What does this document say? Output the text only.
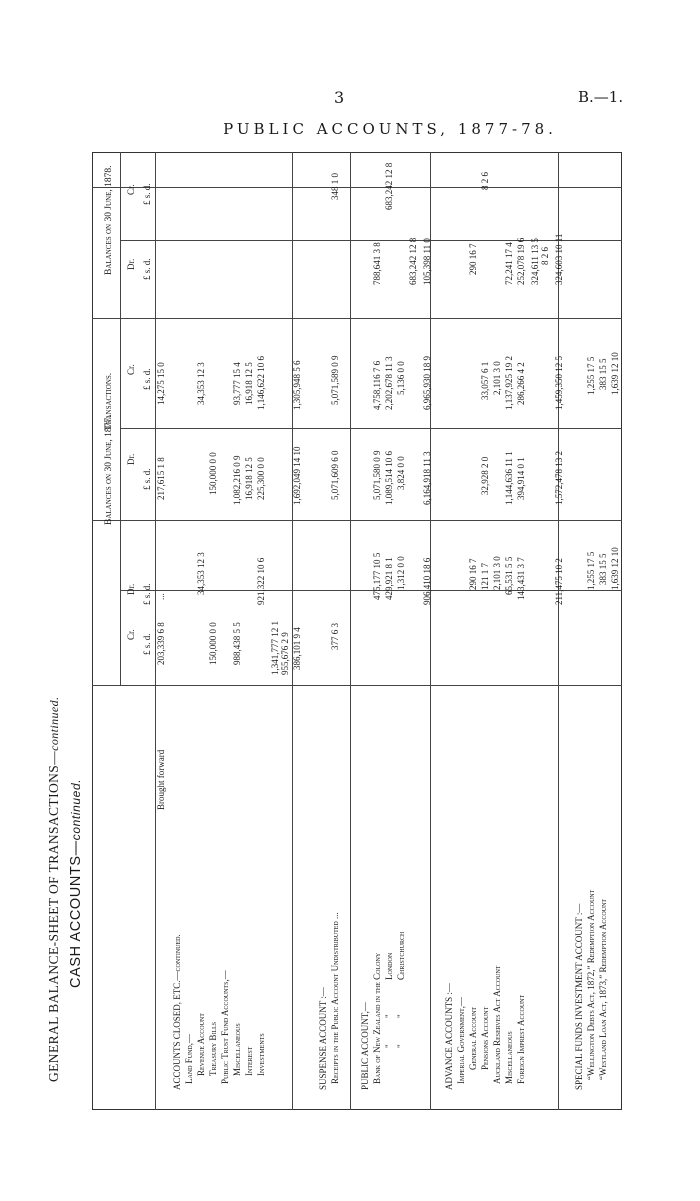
3	B.—1.
PUBLIC ACCOUNTS, 1877-78.
GENERAL BALANCE-SHEET OF TRANSACTIONS—continued.
CASH ACCOUNTS—continued.
Balances on 30 June, 1877.
Transactions.
Balances on 30 June, 1878.
Dr.
Cr.
Dr.
Cr.
Dr.
Cr.
£ s. d.
£ s. d.
£ s. d.
£ s. d.
£ s. d.
£ s. d.
Brought forward
...
203,339 6 8
217,615 1 8
14,275 15 0
ACCOUNTS CLOSED, ETC.—continued. Land Fund,— Revenue Account
34,353 12 3
34,353 12 3
Treasury Bills
150,000 0 0
150,000 0 0
Public Trust Fund Accounts,— Miscellaneous
988,438 5 5
1,082,216 0 9
93,777 15 4
Interest
16,918 12 5
16,918 12 5
Investments
921,322 10 6
225,300 0 0
1,146,622 10 6
1,341,777 12 1 955,676 2 9 386,101 9 4
1,692,049 14 10
1,305,948 5 6
SUSPENSE ACCOUNT :— Receipts in the Public Account Undistributed ...
377 6 3
5,071,609 6 0
5,071,589 0 9
348 1 0
PUBLIC ACCOUNT,— Bank of New Zealand in the Colony
475,177 10 5
5,071,580 0 9
4,758,116 7 6
788,641 3 8
"
"
London
429,921 8 1
1,089,514 10 6
2,202,678 11 3
683,242 12 8
"
"
Christchurch
1,312 0 0
3,824 0 0
5,136 0 0
683,242 12 8
906,410 18 6
6,164,918 11 3
6,965,930 18 9
105,398 11 0
ADVANCE ACCOUNTS :— Imperial Government,— General Account
290 16 7
290 16 7
Pensions Account
121 1 7
32,928 2 0
33,057 6 1
8 2 6
Auckland Reserves Act Account
2,101 3 0
2,101 3 0
Miscellaneous
65,531 5 5
1,144,636 11 1
1,137,925 19 2
72,241 17 4
Foreign Imprest Account
143,431 3 7
394,914 0 1
286,266 4 2
252,078 19 6 324,611 13 5 8 2 6
211,475 10 2
1,572,478 13 2
1,459,350 12 5
324,603 10 11
SPECIAL FUNDS INVESTMENT ACCOUNT :— “Wellington Debts Act, 1872,” Redemption Account
1,255 17 5
1,255 17 5
“Westland Loan Act, 1873,” Redemption Account
383 15 5
383 15 5
1,639 12 10
1,639 12 10
